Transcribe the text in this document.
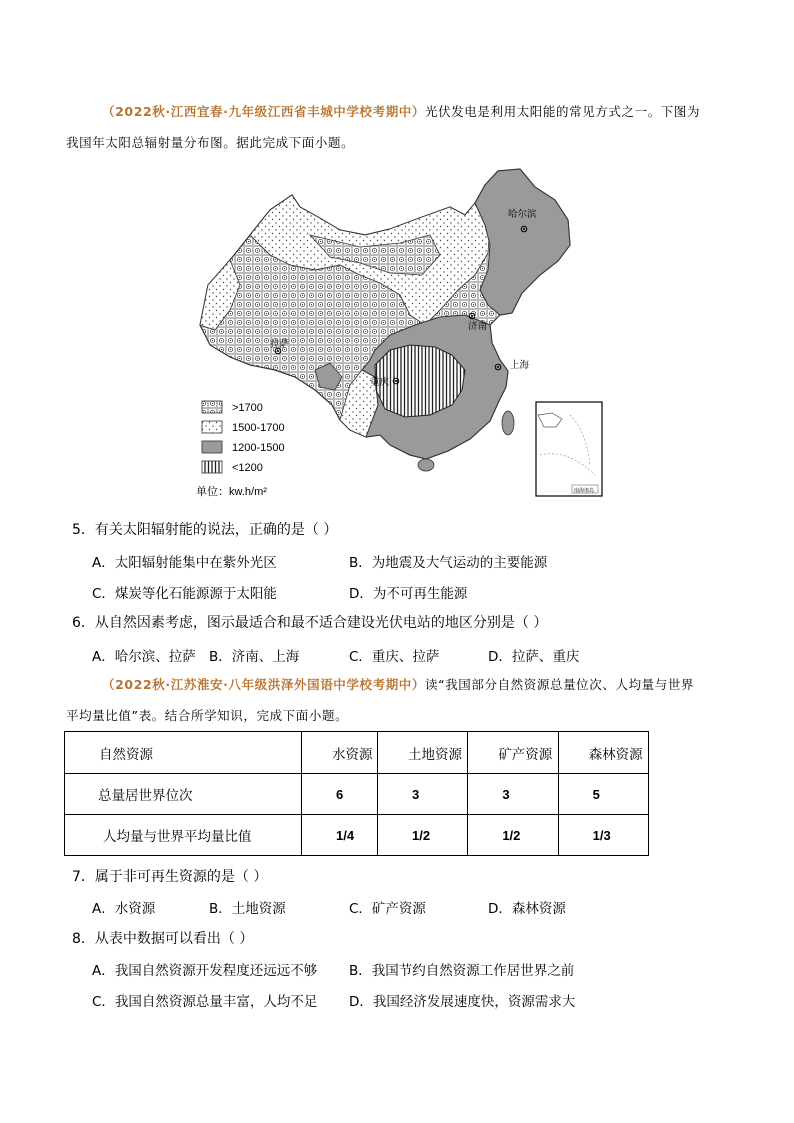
（2022秋·江西宜春·九年级江西省丰城中学校考期中）光伏发电是利用太阳能的常见方式之一。下图为
我国年太阳总辐射量分布图。据此完成下面小题。
哈尔滨
济南
上海
拉萨
重庆
>1700
1500-1700
1200-1500
<1200
单位：kw.h/m²	南海诸岛
5．有关太阳辐射能的说法，正确的是（ ）
A．太阳辐射能集中在紫外光区	B．为地震及大气运动的主要能源
C．煤炭等化石能源源于太阳能	D．为不可再生能源
6．从自然因素考虑，图示最适合和最不适合建设光伏电站的地区分别是（ ）
A．哈尔滨、拉萨 B．济南、上海	C．重庆、拉萨	D．拉萨、重庆
（2022秋·江苏淮安·八年级洪泽外国语中学校考期中）读“我国部分自然资源总量位次、人均量与世界
平均量比值”表。结合所学知识，完成下面小题。
自然资源	水资源	土地资源	矿产资源	森林资源
总量居世界位次	6	3	3	5
人均量与世界平均量比值	1/4	1/2	1/2	1/3
7．属于非可再生资源的是（ ）
A．水资源	B．土地资源	C．矿产资源	D．森林资源
8．从表中数据可以看出（ ）
A．我国自然资源开发程度还远远不够 B．我国节约自然资源工作居世界之前
C．我国自然资源总量丰富，人均不足 D．我国经济发展速度快，资源需求大
